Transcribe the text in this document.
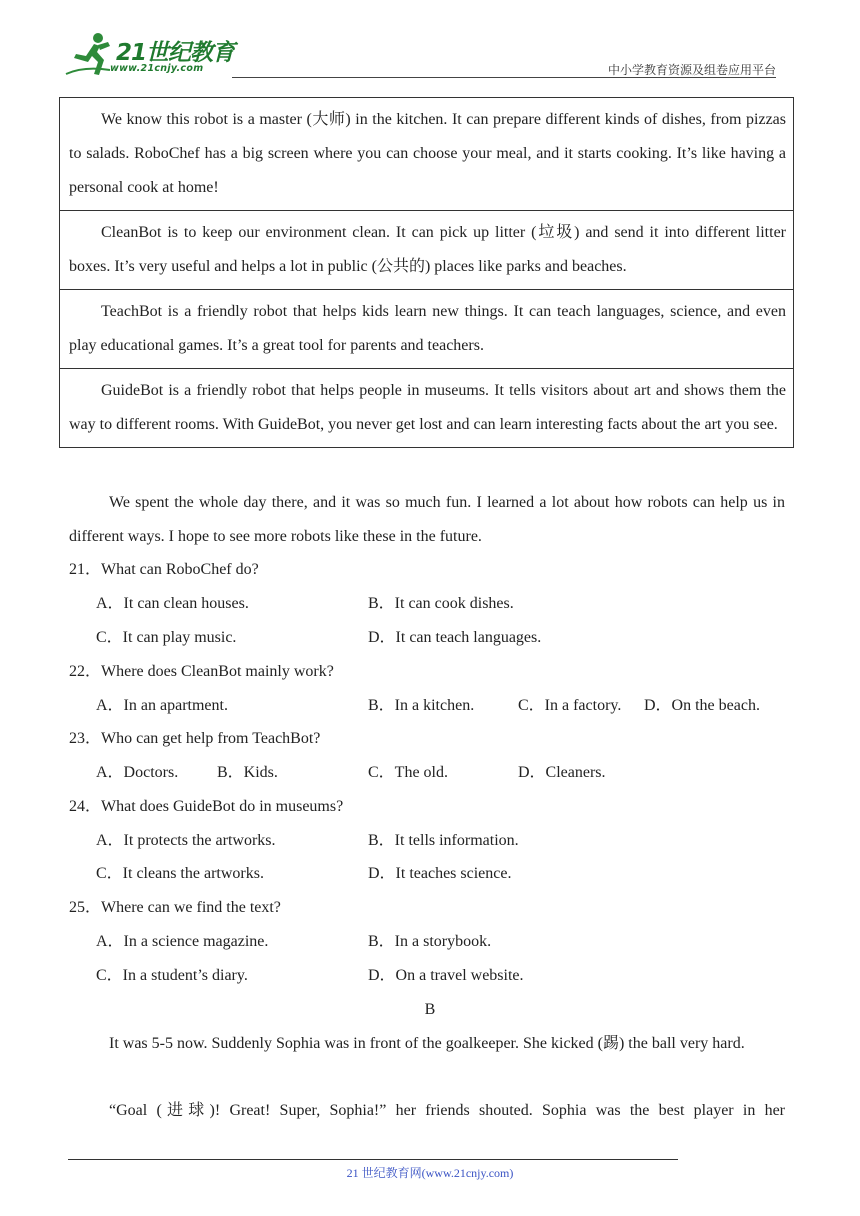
21世纪教育
www.21cnjy.com	中小学教育资源及组卷应用平台
We know this robot is a master (大师) in the kitchen. It can prepare different kinds of dishes, from pizzas to salads. RoboChef has a big screen where you can choose your meal, and it starts cooking. It’s like having a personal cook at home!
CleanBot is to keep our environment clean. It can pick up litter (垃圾) and send it into different litter boxes. It’s very useful and helps a lot in public (公共的) places like parks and beaches.
TeachBot is a friendly robot that helps kids learn new things. It can teach languages, science, and even play educational games. It’s a great tool for parents and teachers.
GuideBot is a friendly robot that helps people in museums. It tells visitors about art and shows them the way to different rooms. With GuideBot, you never get lost and can learn interesting facts about the art you see.
We spent the whole day there, and it was so much fun. I learned a lot about how robots can help us in different ways. I hope to see more robots like these in the future.
21．What can RoboChef do?
A．It can clean houses.	B．It can cook dishes.
C．It can play music.	D．It can teach languages.
22．Where does CleanBot mainly work?
A．In an apartment.	B．In a kitchen.	C．In a factory. D．On the beach.
23．Who can get help from TeachBot?
A．Doctors. B．Kids.	C．The old.	D．Cleaners.
24．What does GuideBot do in museums?
A．It protects the artworks.	B．It tells information.
C．It cleans the artworks.	D．It teaches science.
25．Where can we find the text?
A．In a science magazine.	B．In a storybook.
C．In a student’s diary.	D．On a travel website.
B
It was 5-5 now. Suddenly Sophia was in front of the goalkeeper. She kicked (踢) the ball very hard.
“Goal (进球)! Great! Super, Sophia!” her friends shouted. Sophia was the best player in her
21 世纪教育网(www.21cnjy.com)
